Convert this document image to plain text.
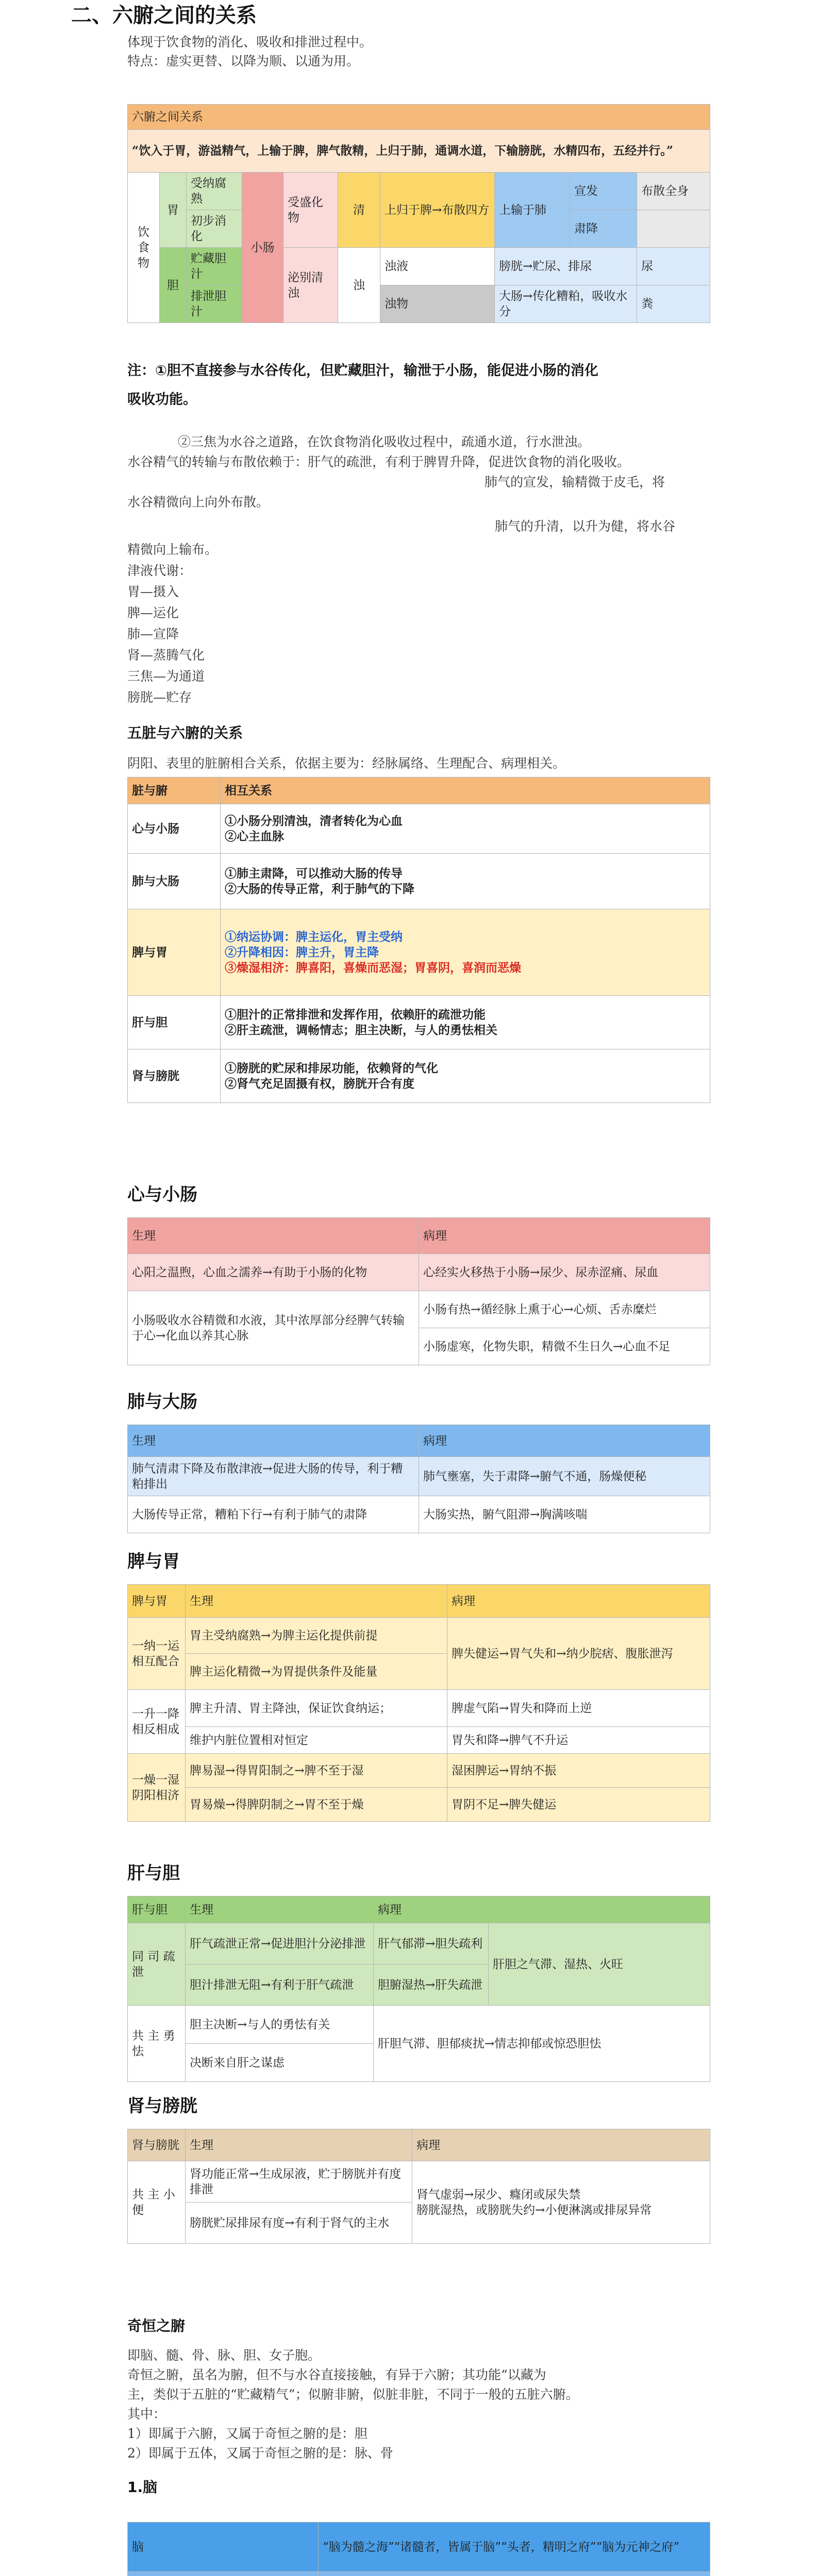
二、六腑之间的关系
体现于饮食物的消化、吸收和排泄过程中。
特点：虚实更替、以降为顺、以通为用。
六腑之间关系									
“饮入于胃，游溢精气，上输于脾，脾气散精，上归于肺，通调水道，下输膀胱，水精四布，五经并行。”									
饮 食 物	胃	受纳腐熟	小肠	受盛化物	清	上归于脾→布散四方	上输于肺	宣发	布散全身
		初步消化						肃降	
	胆	贮藏胆汁		泌别清浊	浊	浊液	膀胱→贮尿、排尿		尿
		排泄胆汁				浊物	大肠→传化糟粕，吸收水分		粪
注：①胆不直接参与水谷传化，但贮藏胆汁，输泄于小肠，能促进小肠的消化
吸收功能。
②三焦为水谷之道路，在饮食物消化吸收过程中，疏通水道，行水泄浊。
水谷精气的转输与布散依赖于：肝气的疏泄，有利于脾胃升降，促进饮食物的消化吸收。
肺气的宣发，输精微于皮毛，将
水谷精微向上向外布散。
肺气的升清，以升为健，将水谷
精微向上输布。
津液代谢：
胃—摄入
脾—运化
肺—宣降
肾—蒸腾气化
三焦—为通道
膀胱—贮存
五脏与六腑的关系
阴阳、表里的脏腑相合关系，依据主要为：经脉属络、生理配合、病理相关。
脏与腑	相互关系
心与小肠	①小肠分别清浊，清者转化为心血
②心主血脉

肺与大肠	①肺主肃降，可以推动大肠的传导
②大肠的传导正常，利于肺气的下降

脾与胃	①纳运协调：脾主运化，胃主受纳
②升降相因：脾主升，胃主降
③燥湿相济：脾喜阳，喜燥而恶湿；胃喜阴，喜润而恶燥

肝与胆	①胆汁的正常排泄和发挥作用，依赖肝的疏泄功能
②肝主疏泄，调畅情志；胆主决断，与人的勇怯相关

肾与膀胱	①膀胱的贮尿和排尿功能，依赖肾的气化
②肾气充足固摄有权，膀胱开合有度
心与小肠
生理	病理
心阳之温煦，心血之濡养→有助于小肠的化物	心经实火移热于小肠→尿少、尿赤涩痛、尿血
小肠吸收水谷精微和水液，其中浓厚部分经脾气转输于心→化血以养其心脉	小肠有热→循经脉上熏于心→心烦、舌赤糜烂
	小肠虚寒，化物失职，精微不生日久→心血不足
肺与大肠
生理	病理
肺气清肃下降及布散津液→促进大肠的传导，利于糟粕排出	肺气壅塞，失于肃降→腑气不通，肠燥便秘
大肠传导正常，糟粕下行→有利于肺气的肃降	大肠实热，腑气阻滞→胸满咳喘
脾与胃
脾与胃	生理	病理
一纳一运相互配合	胃主受纳腐熟→为脾主运化提供前提	脾失健运→胃气失和→纳少脘痞、腹胀泄泻
	脾主运化精微→为胃提供条件及能量	
一升一降相反相成	脾主升清、胃主降浊，保证饮食纳运；	脾虚气陷→胃失和降而上逆
	维护内脏位置相对恒定	胃失和降→脾气不升运
一燥一湿阴阳相济	脾易湿→得胃阳制之→脾不至于湿	湿困脾运→胃纳不振
	胃易燥→得脾阴制之→胃不至于燥	胃阴不足→脾失健运
肝与胆
肝与胆	生理	病理	
同 司 疏泄	肝气疏泄正常→促进胆汁分泌排泄	肝气郁滞→胆失疏利	肝胆之气滞、湿热、火旺
	胆汁排泄无阻→有利于肝气疏泄	胆腑湿热→肝失疏泄	
共 主 勇 怯	胆主决断→与人的勇怯有关	肝胆气滞、胆郁痰扰→情志抑郁或惊恐胆怯	
	决断来自肝之谋虑		
肾与膀胱
肾与膀胱	生理	病理
共 主 小 便	肾功能正常→生成尿液，贮于膀胱并有度排泄	肾气虚弱→尿少、癃闭或尿失禁
膀胱湿热，或膀胱失约→小便淋漓或排尿异常

	膀胱贮尿排尿有度→有利于肾气的主水	
奇恒之腑
即脑、髓、骨、脉、胆、女子胞。
奇恒之腑，虽名为腑，但不与水谷直接接触，有异于六腑；其功能“以藏为
主，类似于五脏的“贮藏精气”；似腑非腑，似脏非脏，不同于一般的五脏六腑。
其中：
1）即属于六腑，又属于奇恒之腑的是：胆
2）即属于五体，又属于奇恒之腑的是：脉、骨
1.脑
脑	“脑为髓之海”“诸髓者，皆属于脑”“头者，精明之府”“脑为元神之府”
